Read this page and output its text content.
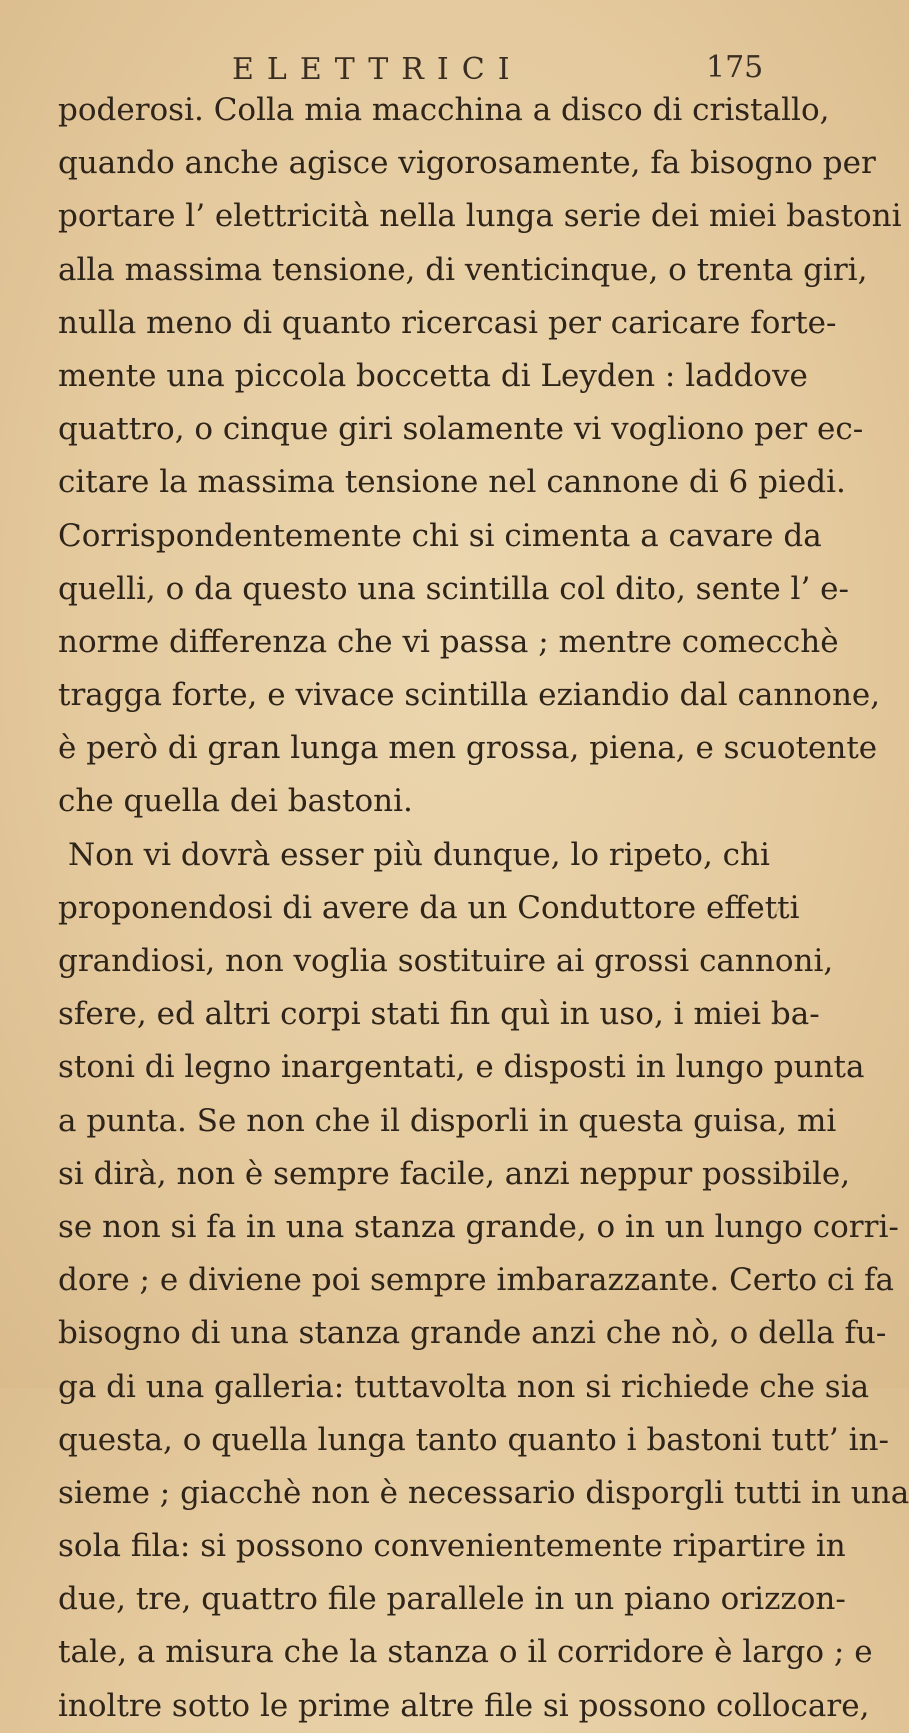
ELETTRICI	175
poderosi. Colla mia macchina a disco di cristallo,
quando anche agisce vigorosamente, fa bisogno per
portare l’ elettricità nella lunga serie dei miei bastoni
alla massima tensione, di venticinque, o trenta giri,
nulla meno di quanto ricercasi per caricare forte-
mente una piccola boccetta di Leyden : laddove
quattro, o cinque giri solamente vi vogliono per ec-
citare la massima tensione nel cannone di 6 piedi.
Corrispondentemente chi si cimenta a cavare da
quelli, o da questo una scintilla col dito, sente l’ e-
norme differenza che vi passa ; mentre comecchè
tragga forte, e vivace scintilla eziandio dal cannone,
è però di gran lunga men grossa, piena, e scuotente
che quella dei bastoni.
Non vi dovrà esser più dunque, lo ripeto, chi
proponendosi di avere da un Conduttore effetti
grandiosi, non voglia sostituire ai grossi cannoni,
sfere, ed altri corpi stati fin quì in uso, i miei ba-
stoni di legno inargentati, e disposti in lungo punta
a punta. Se non che il disporli in questa guisa, mi
si dirà, non è sempre facile, anzi neppur possibile,
se non si fa in una stanza grande, o in un lungo corri-
dore ; e diviene poi sempre imbarazzante. Certo ci fa
bisogno di una stanza grande anzi che nò, o della fu-
ga di una galleria: tuttavolta non si richiede che sia
questa, o quella lunga tanto quanto i bastoni tutt’ in-
sieme ; giacchè non è necessario disporgli tutti in una
sola fila: si possono convenientemente ripartire in
due, tre, quattro file parallele in un piano orizzon-
tale, a misura che la stanza o il corridore è largo ; e
inoltre sotto le prime altre file si possono collocare,
